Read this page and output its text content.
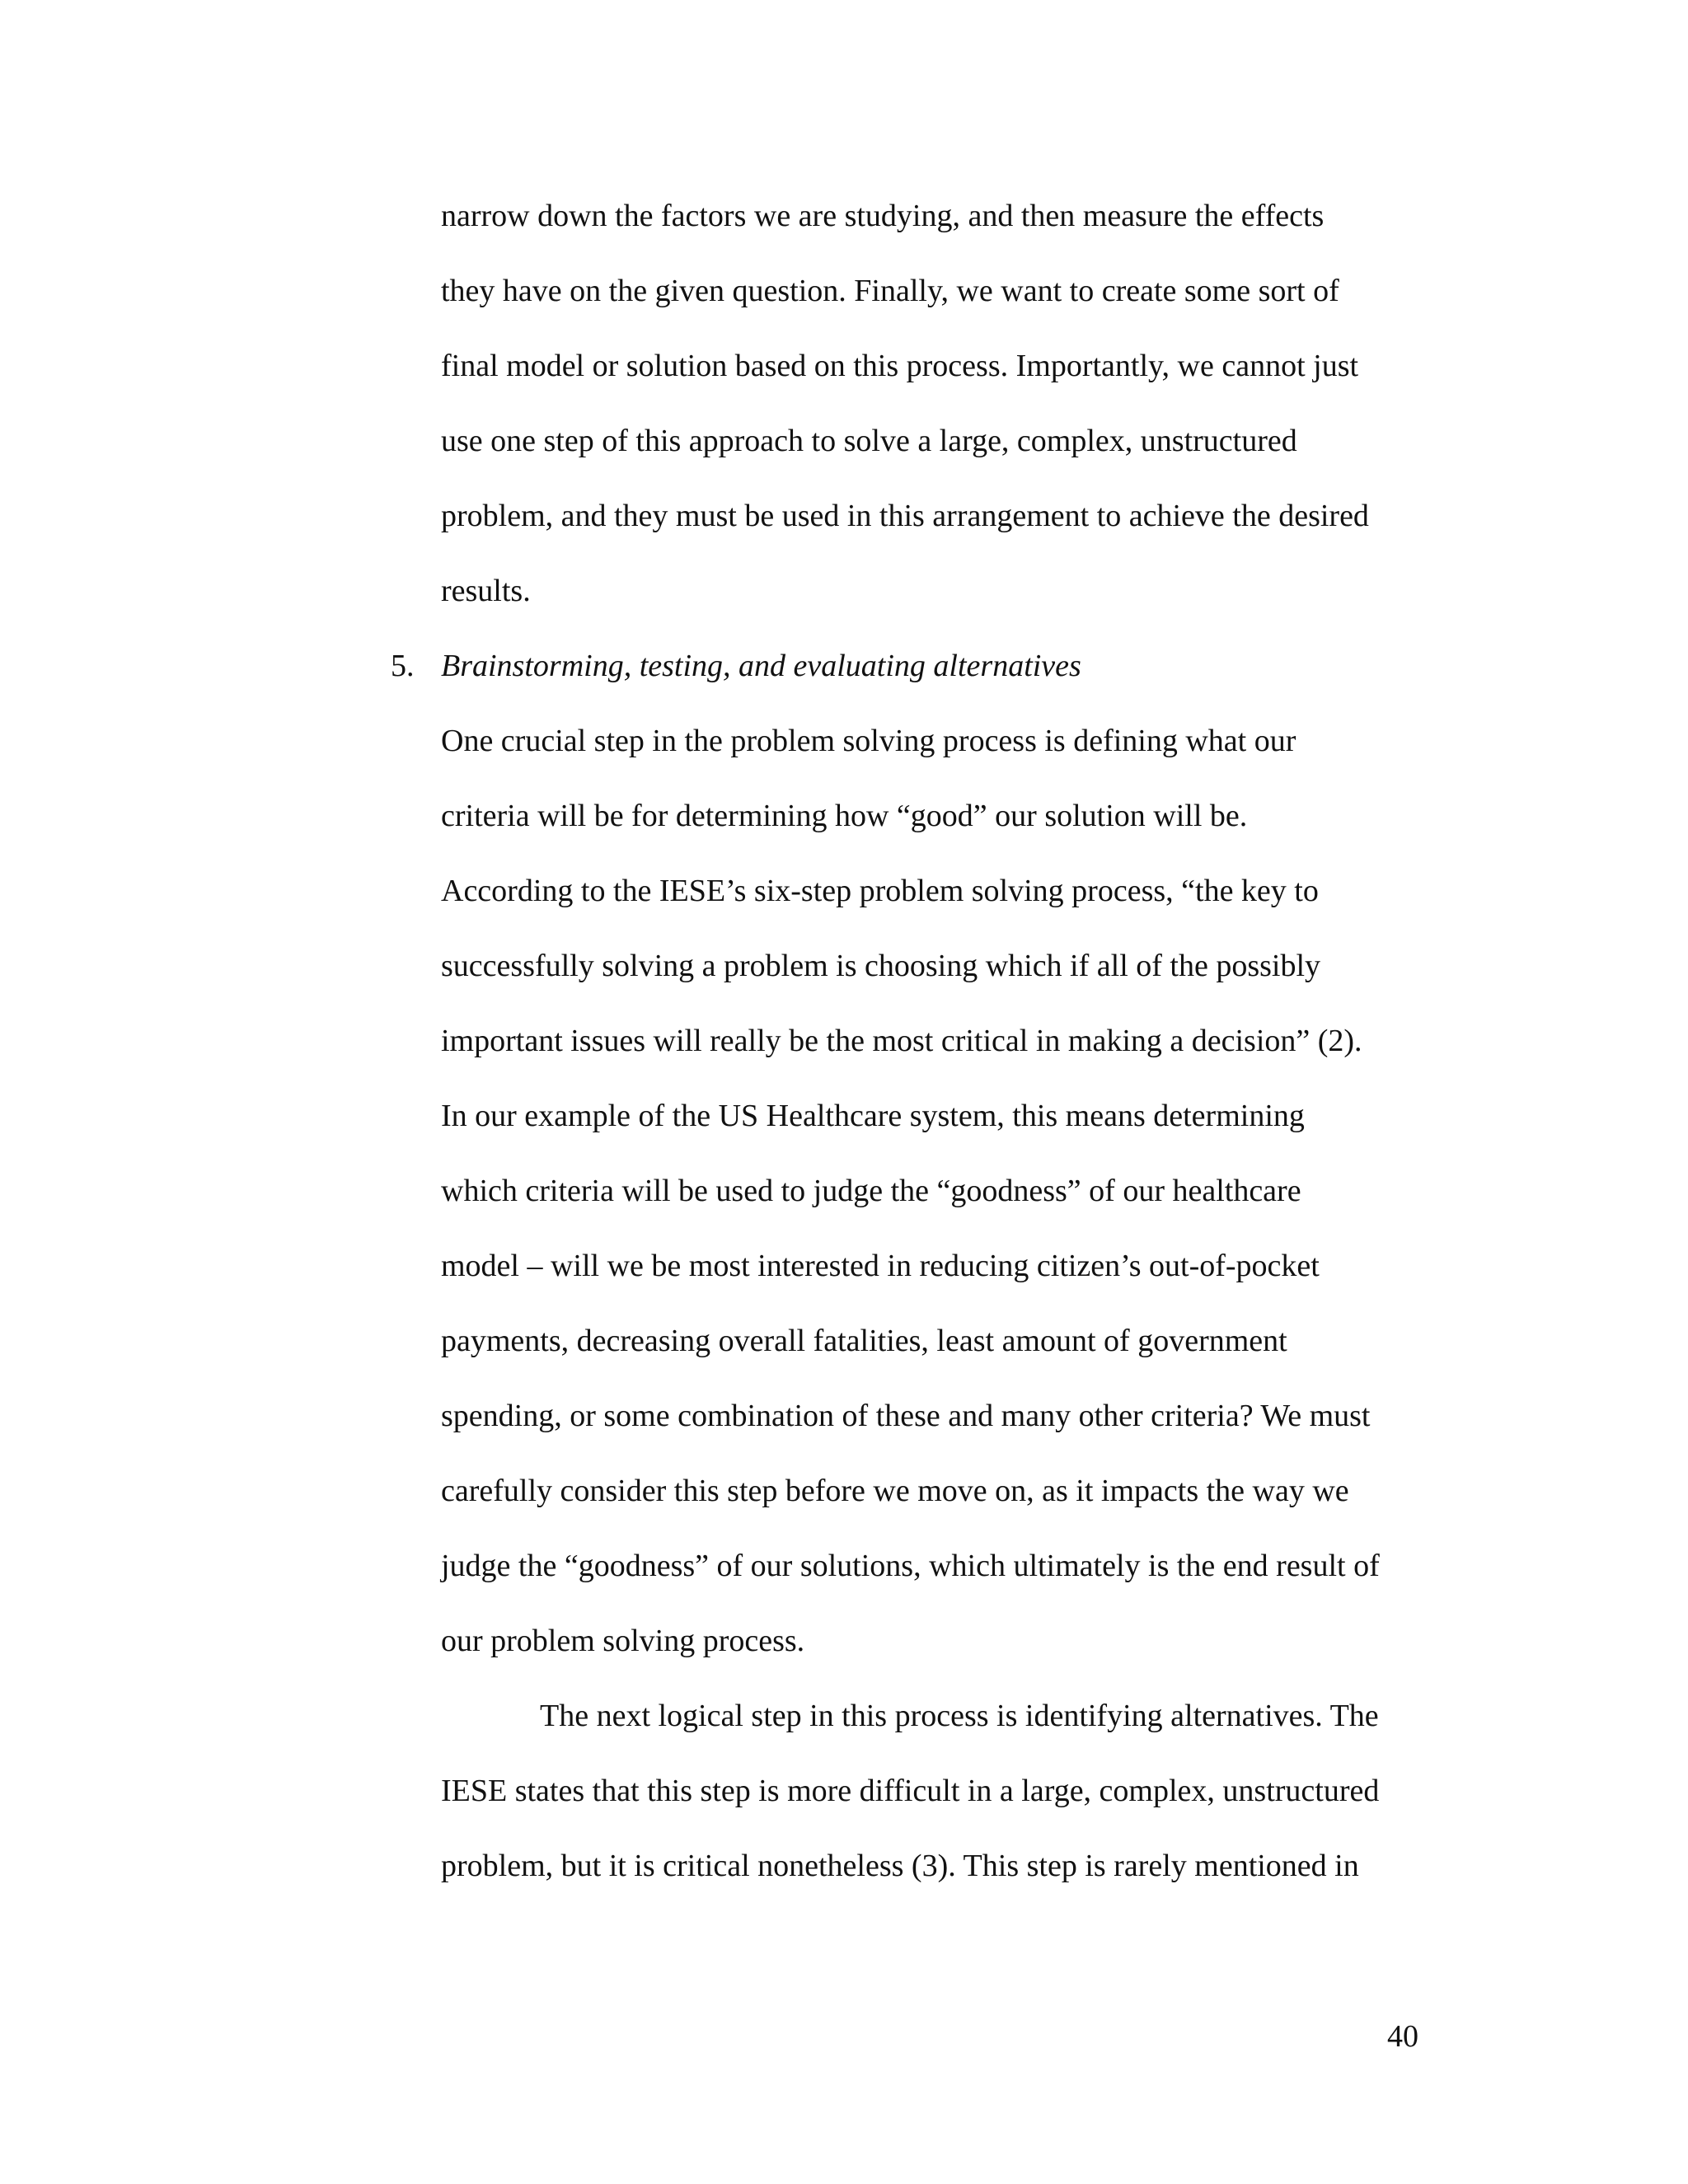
narrow down the factors we are studying, and then measure the effects
they have on the given question. Finally, we want to create some sort of
final model or solution based on this process. Importantly, we cannot just
use one step of this approach to solve a large, complex, unstructured
problem, and they must be used in this arrangement to achieve the desired
results.
5. Brainstorming, testing, and evaluating alternatives
One crucial step in the problem solving process is defining what our
criteria will be for determining how “good” our solution will be.
According to the IESE’s six-step problem solving process, “the key to
successfully solving a problem is choosing which if all of the possibly
important issues will really be the most critical in making a decision” (2).
In our example of the US Healthcare system, this means determining
which criteria will be used to judge the “goodness” of our healthcare
model – will we be most interested in reducing citizen’s out-of-pocket
payments, decreasing overall fatalities, least amount of government
spending, or some combination of these and many other criteria? We must
carefully consider this step before we move on, as it impacts the way we
judge the “goodness” of our solutions, which ultimately is the end result of
our problem solving process.
The next logical step in this process is identifying alternatives. The
IESE states that this step is more difficult in a large, complex, unstructured
problem, but it is critical nonetheless (3). This step is rarely mentioned in
40
